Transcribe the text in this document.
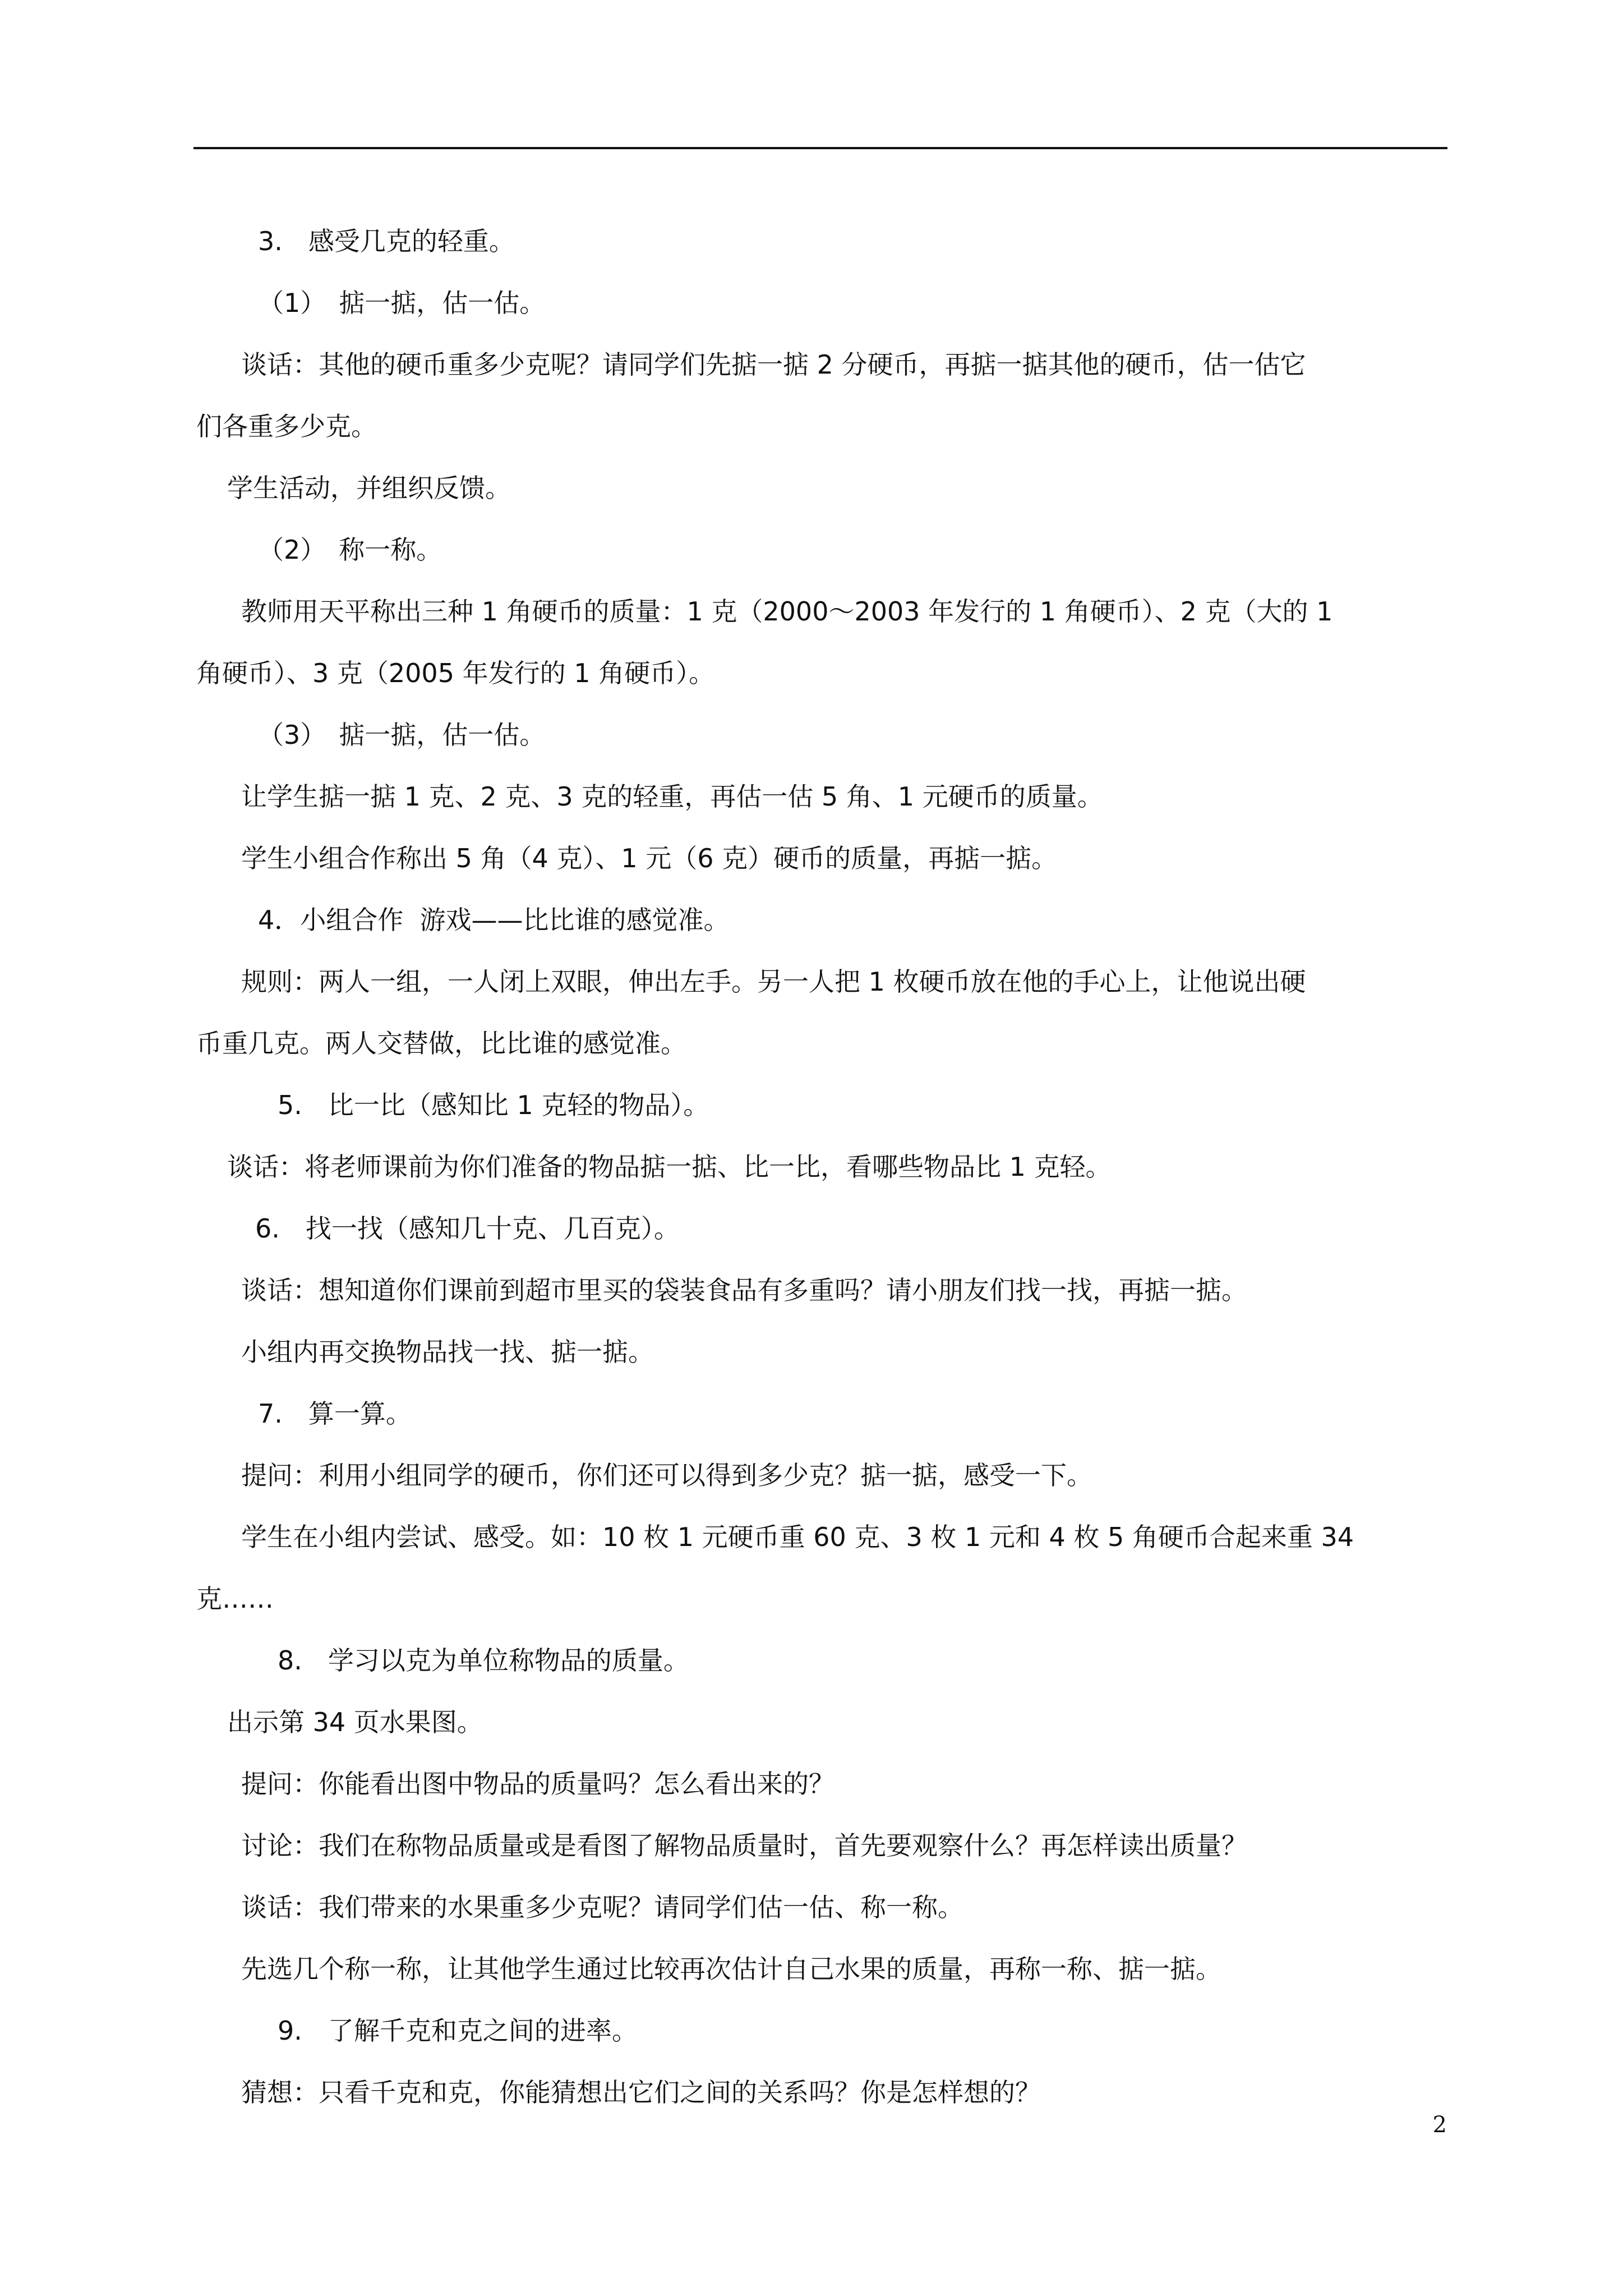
3.　感受几克的轻重。

（1）　掂一掂，估一估。

谈话：其他的硬币重多少克呢？请同学们先掂一掂 2 分硬币，再掂一掂其他的硬币，估一估它

们各重多少克。

学生活动，并组织反馈。

（2）　称一称。

教师用天平称出三种 1 角硬币的质量：1 克（2000～2003 年发行的 1 角硬币）、2 克（大的 1

角硬币）、3 克（2005 年发行的 1 角硬币）。

（3）　掂一掂，估一估。

让学生掂一掂 1 克、2 克、3 克的轻重，再估一估 5 角、1 元硬币的质量。

学生小组合作称出 5 角（4 克）、1 元（6 克）硬币的质量，再掂一掂。

4．小组合作  游戏——比比谁的感觉准。

规则：两人一组，一人闭上双眼，伸出左手。另一人把 1 枚硬币放在他的手心上，让他说出硬

币重几克。两人交替做，比比谁的感觉准。

5.　比一比（感知比 1 克轻的物品）。

谈话：将老师课前为你们准备的物品掂一掂、比一比，看哪些物品比 1 克轻。

6.　找一找（感知几十克、几百克）。

谈话：想知道你们课前到超市里买的袋装食品有多重吗？请小朋友们找一找，再掂一掂。

小组内再交换物品找一找、掂一掂。

7.　算一算。

提问：利用小组同学的硬币，你们还可以得到多少克？掂一掂，感受一下。

学生在小组内尝试、感受。如：10 枚 1 元硬币重 60 克、3 枚 1 元和 4 枚 5 角硬币合起来重 34

克……

8.　学习以克为单位称物品的质量。

出示第 34 页水果图。

提问：你能看出图中物品的质量吗？怎么看出来的？

讨论：我们在称物品质量或是看图了解物品质量时，首先要观察什么？再怎样读出质量？

谈话：我们带来的水果重多少克呢？请同学们估一估、称一称。

先选几个称一称，让其他学生通过比较再次估计自己水果的质量，再称一称、掂一掂。

9.　了解千克和克之间的进率。

猜想：只看千克和克，你能猜想出它们之间的关系吗？你是怎样想的？

2
